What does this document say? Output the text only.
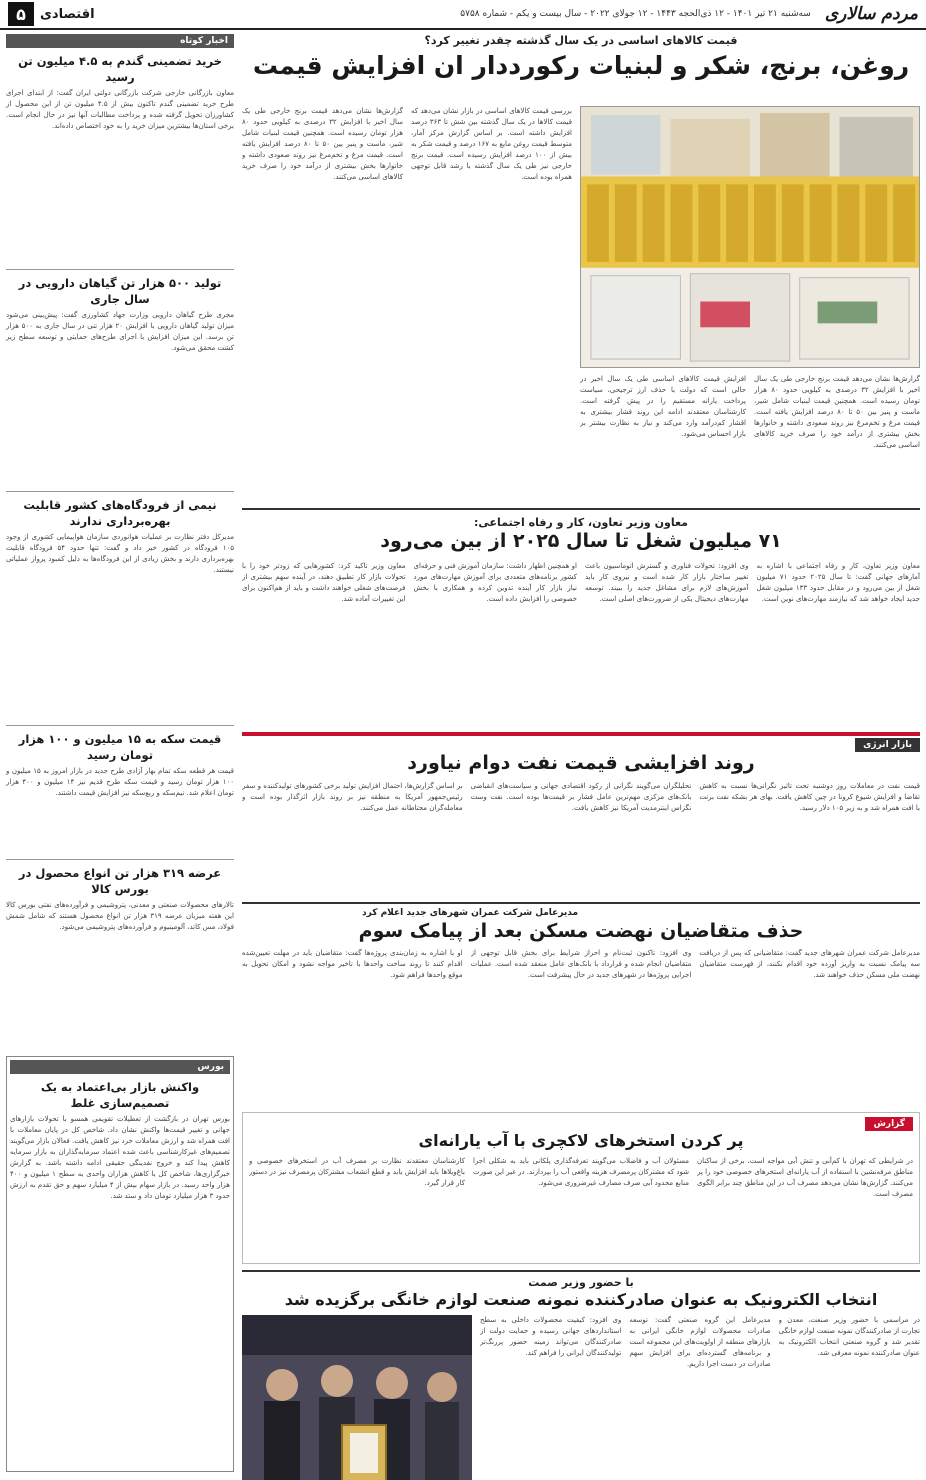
مردم سالاری
سه‌شنبه ۲۱ تیر ۱۴۰۱ - ۱۲ ذی‌الحجه ۱۴۴۳ - ۱۲ جولای ۲۰۲۲ - سال بیست و یکم - شماره ۵۷۵۸
اقتصادی
۵
اخبار کوتاه
خرید تضمینی گندم به ۴.۵ میلیون تن رسید
معاون بازرگانی خارجی شرکت بازرگانی دولتی ایران گفت: از ابتدای اجرای طرح خرید تضمینی گندم تاکنون بیش از ۴.۵ میلیون تن از این محصول از کشاورزان تحویل گرفته شده و پرداخت مطالبات آنها نیز در حال انجام است. برخی استان‌ها بیشترین میزان خرید را به خود اختصاص داده‌اند.
تولید ۵۰۰ هزار تن گیاهان دارویی در سال جاری
مجری طرح گیاهان دارویی وزارت جهاد کشاورزی گفت: پیش‌بینی می‌شود میزان تولید گیاهان دارویی با افزایش ۲۰ هزار تنی در سال جاری به ۵۰۰ هزار تن برسد. این میزان افزایش با اجرای طرح‌های حمایتی و توسعه سطح زیر کشت محقق می‌شود.
نیمی از فرودگاه‌های کشور قابلیت بهره‌برداری ندارند
مدیرکل دفتر نظارت بر عملیات هوانوردی سازمان هواپیمایی کشوری از وجود ۱۰۵ فرودگاه در کشور خبر داد و گفت: تنها حدود ۵۴ فرودگاه قابلیت بهره‌برداری دارند و بخش زیادی از این فرودگاه‌ها به دلیل کمبود پرواز عملیاتی نیستند.
قیمت سکه به ۱۵ میلیون و ۱۰۰ هزار تومان رسید
قیمت هر قطعه سکه تمام بهار آزادی طرح جدید در بازار امروز به ۱۵ میلیون و ۱۰۰ هزار تومان رسید و قیمت سکه طرح قدیم نیز ۱۴ میلیون و ۴۰۰ هزار تومان اعلام شد. نیم‌سکه و ربع‌سکه نیز افزایش قیمت داشتند.
عرضه ۳۱۹ هزار تن انواع محصول در بورس کالا
تالارهای محصولات صنعتی و معدنی، پتروشیمی و فرآورده‌های نفتی بورس کالا این هفته میزبان عرضه ۳۱۹ هزار تن انواع محصول هستند که شامل شمش فولاد، مس کاتد، آلومینیوم و فرآورده‌های پتروشیمی می‌شود.
بورس
واکنش بازار بی‌اعتماد به یک تصمیم‌سازی غلط
بورس تهران در بازگشت از تعطیلات تقویمی همسو با تحولات بازارهای جهانی و تغییر قیمت‌ها واکنش نشان داد. شاخص کل در پایان معاملات با افت همراه شد و ارزش معاملات خرد نیز کاهش یافت. فعالان بازار می‌گویند تصمیم‌های غیرکارشناسی باعث شده اعتماد سرمایه‌گذاران به بازار سرمایه کاهش پیدا کند و خروج نقدینگی حقیقی ادامه داشته باشد. به گزارش خبرگزاری‌ها، شاخص کل با کاهش هزاران واحدی به سطح ۱ میلیون و ۴۰۰ هزار واحد رسید. در بازار سهام بیش از ۴ میلیارد سهم و حق تقدم به ارزش حدود ۳ هزار میلیارد تومان داد و ستد شد.
قیمت کالاهای اساسی در یک سال گذشته چقدر تغییر کرد؟
روغن، برنج، شکر و لبنیات رکورددار ان افزایش قیمت
گزارش‌ها نشان می‌دهد قیمت برنج خارجی طی یک سال اخیر با افزایش ۳۲ درصدی به کیلویی حدود ۸۰ هزار تومان رسیده است. همچنین قیمت لبنیات شامل شیر، ماست و پنیر بین ۵۰ تا ۸۰ درصد افزایش یافته است. قیمت مرغ و تخم‌مرغ نیز روند صعودی داشته و خانوارها بخش بیشتری از درآمد خود را صرف خرید کالاهای اساسی می‌کنند.
افزایش قیمت کالاهای اساسی طی یک سال اخیر در حالی است که دولت با حذف ارز ترجیحی، سیاست پرداخت یارانه مستقیم را در پیش گرفته است. کارشناسان معتقدند ادامه این روند فشار بیشتری به اقشار کم‌درآمد وارد می‌کند و نیاز به نظارت بیشتر بر بازار احساس می‌شود.
بررسی قیمت کالاهای اساسی در بازار نشان می‌دهد که قیمت کالاها در یک سال گذشته بین شش تا ۳۶۳ درصد افزایش داشته است. بر اساس گزارش مرکز آمار، متوسط قیمت روغن مایع به ۱۶۷ درصد و قیمت شکر به بیش از ۱۰۰ درصد افزایش رسیده است. قیمت برنج خارجی نیز طی یک سال گذشته با رشد قابل توجهی همراه بوده است.
گزارش‌ها نشان می‌دهد قیمت برنج خارجی طی یک سال اخیر با افزایش ۳۲ درصدی به کیلویی حدود ۸۰ هزار تومان رسیده است. همچنین قیمت لبنیات شامل شیر، ماست و پنیر بین ۵۰ تا ۸۰ درصد افزایش یافته است. قیمت مرغ و تخم‌مرغ نیز روند صعودی داشته و خانوارها بخش بیشتری از درآمد خود را صرف خرید کالاهای اساسی می‌کنند.
معاون وزیر تعاون، کار و رفاه اجتماعی:
۷۱ میلیون شغل تا سال ۲۰۲۵ از بین می‌رود
معاون وزیر تعاون، کار و رفاه اجتماعی با اشاره به آمارهای جهانی گفت: تا سال ۲۰۲۵ حدود ۷۱ میلیون شغل از بین می‌رود و در مقابل حدود ۱۳۳ میلیون شغل جدید ایجاد خواهد شد که نیازمند مهارت‌های نوین است.
وی افزود: تحولات فناوری و گسترش اتوماسیون باعث تغییر ساختار بازار کار شده است و نیروی کار باید آموزش‌های لازم برای مشاغل جدید را ببیند. توسعه مهارت‌های دیجیتال یکی از ضرورت‌های اصلی است.
او همچنین اظهار داشت: سازمان آموزش فنی و حرفه‌ای کشور برنامه‌های متعددی برای آموزش مهارت‌های مورد نیاز بازار کار آینده تدوین کرده و همکاری با بخش خصوصی را افزایش داده است.
معاون وزیر تاکید کرد: کشورهایی که زودتر خود را با تحولات بازار کار تطبیق دهند، در آینده سهم بیشتری از فرصت‌های شغلی خواهند داشت و باید از هم‌اکنون برای این تغییرات آماده شد.
بازار انرژی
روند افزایشی قیمت نفت دوام نیاورد
قیمت نفت در معاملات روز دوشنبه تحت تاثیر نگرانی‌ها نسبت به کاهش تقاضا و افزایش شیوع کرونا در چین کاهش یافت. بهای هر بشکه نفت برنت با افت همراه شد و به زیر ۱۰۵ دلار رسید.
تحلیلگران می‌گویند نگرانی از رکود اقتصادی جهانی و سیاست‌های انقباضی بانک‌های مرکزی مهم‌ترین عامل فشار بر قیمت‌ها بوده است. نفت وست تگزاس اینترمدیت آمریکا نیز کاهش یافت.
بر اساس گزارش‌ها، احتمال افزایش تولید برخی کشورهای تولیدکننده و سفر رئیس‌جمهور آمریکا به منطقه نیز بر روند بازار اثرگذار بوده است و معامله‌گران محتاطانه عمل می‌کنند.
مدیرعامل شرکت عمران شهرهای جدید اعلام کرد
حذف متقاضیان نهضت مسکن بعد از پیامک سوم
مدیرعامل شرکت عمران شهرهای جدید گفت: متقاضیانی که پس از دریافت سه پیامک نسبت به واریز آورده خود اقدام نکنند، از فهرست متقاضیان نهضت ملی مسکن حذف خواهند شد.
وی افزود: تاکنون ثبت‌نام و احراز شرایط برای بخش قابل توجهی از متقاضیان انجام شده و قرارداد با بانک‌های عامل منعقد شده است. عملیات اجرایی پروژه‌ها در شهرهای جدید در حال پیشرفت است.
او با اشاره به زمان‌بندی پروژه‌ها گفت: متقاضیان باید در مهلت تعیین‌شده اقدام کنند تا روند ساخت واحدها با تاخیر مواجه نشود و امکان تحویل به موقع واحدها فراهم شود.
گزارش
پر کردن استخرهای لاکچری با آب یارانه‌ای
در شرایطی که تهران با کم‌آبی و تنش آبی مواجه است، برخی از ساکنان مناطق مرفه‌نشین با استفاده از آب یارانه‌ای استخرهای خصوصی خود را پر می‌کنند. گزارش‌ها نشان می‌دهد مصرف آب در این مناطق چند برابر الگوی مصرف است.
مسئولان آب و فاضلاب می‌گویند تعرفه‌گذاری پلکانی باید به شکلی اجرا شود که مشترکان پرمصرف هزینه واقعی آب را بپردازند. در غیر این صورت منابع محدود آبی صرف مصارف غیرضروری می‌شود.
کارشناسان معتقدند نظارت بر مصرف آب در استخرهای خصوصی و باغ‌ویلاها باید افزایش یابد و قطع انشعاب مشترکان پرمصرف نیز در دستور کار قرار گیرد.
با حضور وزیر صمت
انتخاب الکترونیک به عنوان صادرکننده نمونه صنعت لوازم خانگی برگزیده شد
در مراسمی با حضور وزیر صنعت، معدن و تجارت از صادرکنندگان نمونه صنعت لوازم خانگی تقدیر شد و گروه صنعتی انتخاب الکترونیک به عنوان صادرکننده نمونه معرفی شد.
مدیرعامل این گروه صنعتی گفت: توسعه صادرات محصولات لوازم خانگی ایرانی به بازارهای منطقه از اولویت‌های این مجموعه است و برنامه‌های گسترده‌ای برای افزایش سهم صادرات در دست اجرا داریم.
وی افزود: کیفیت محصولات داخلی به سطح استانداردهای جهانی رسیده و حمایت دولت از صادرکنندگان می‌تواند زمینه حضور پررنگ‌تر تولیدکنندگان ایرانی را فراهم کند.
